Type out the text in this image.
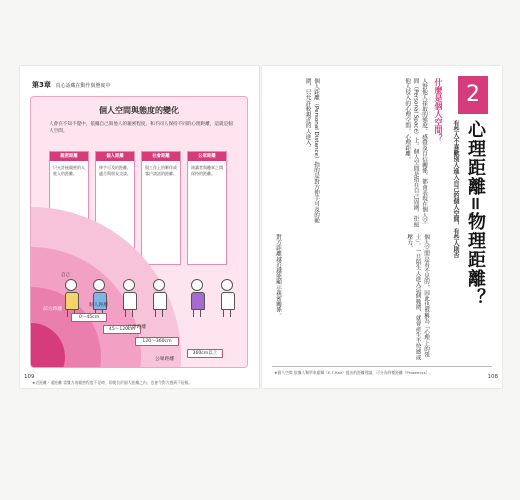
第3章 真心話藏在動作與態度中
個人空間與態度的變化
人會在不知不覺中，依據自己與他人的親密程度，和不同人保持不同的心理距離，這就是個人空間。
親密距離
只允許極親密的人進入的距離。
個人距離
伸手可及的距離，適合與朋友交談。
社會距離
與工作上的夥伴或客戶談話的距離。
公眾距離
演講者與聽眾之間保持的距離。
自己
0〜45cm
45〜120cm
120〜360cm
360cm以上
個人距離
社會距離
公眾距離
前方距離
★近距離・遠距離 當雙方的親密程度不足時，即使位於個人距離之內，也會令對方感到不舒服。
109
2
心理距離=物理距離？
有些人不喜歡別人進入自己的個人空間，有些人則否
什麼是個人空間？
人對他人採取的態度、感覺及自信關係，都會表現在個人空間（Personal Space）上。個人空間是指在自己周圍、拒絕他人侵入的心理空間，心理距離。
個人空間是看不見的，因此也被稱為「心理上的領土」。一旦陌生人進入這個範圍，就會產生不快感或壓力。
個人距離（Personal Distance）指的是對方伸手可及的範圍，只允許較親近的人進入。
對方距離越近越能顯示親密關係。
★個人空間 依據人類學家霍爾（E.T.Hall）提出的距離理論，可分為四種距離（Proxemics）。
108
